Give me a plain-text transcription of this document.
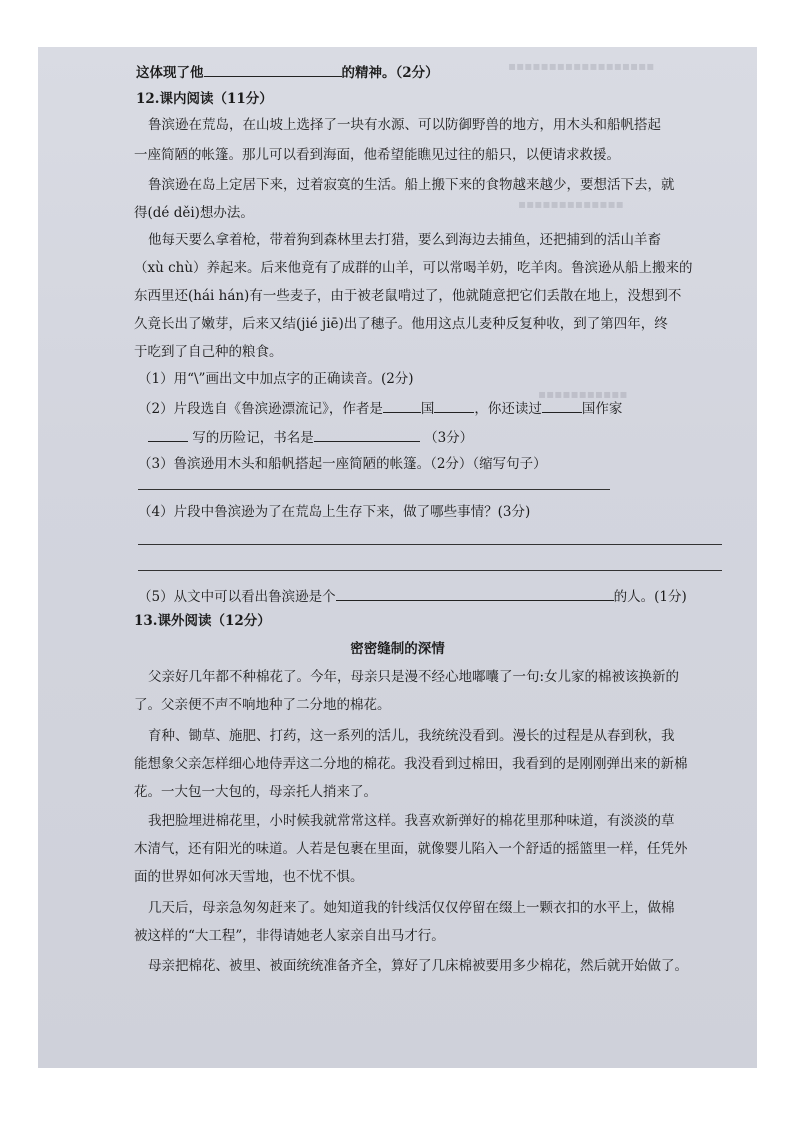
▪▪▪▪▪▪▪▪▪▪▪▪▪▪▪▪▪▪
▪▪▪▪▪▪▪▪▪▪▪▪▪
▪▪▪▪▪▪▪▪▪▪▪
这体现了他	的精神。（2分）
12.课内阅读（11分）
鲁滨逊在荒岛，在山坡上选择了一块有水源、可以防御野兽的地方，用木头和船帆搭起
一座简陋的帐篷。那儿可以看到海面，他希望能瞧见过往的船只，以便请求救援。
鲁滨逊在岛上定居下来，过着寂寞的生活。船上搬下来的食物越来越少，要想活下去，就
得(dé děi)想办法。
他每天要么拿着枪，带着狗到森林里去打猎，要么到海边去捕鱼，还把捕到的活山羊畜
（xù chù）养起来。后来他竟有了成群的山羊，可以常喝羊奶，吃羊肉。鲁滨逊从船上搬来的
东西里还(hái hán)有一些麦子，由于被老鼠啃过了，他就随意把它们丢散在地上，没想到不
久竟长出了嫩芽，后来又结(jié jiē)出了穗子。他用这点儿麦种反复种收，到了第四年，终
于吃到了自己种的粮食。
（1）用“\”画出文中加点字的正确读音。(2分)
（2）片段选自《鲁滨逊漂流记》，作者是	国	，你还读过	国作家
写的历险记，书名是	（3分）
（3）鲁滨逊用木头和船帆搭起一座简陋的帐篷。（2分）（缩写句子）
（4）片段中鲁滨逊为了在荒岛上生存下来，做了哪些事情？(3分)
（5）从文中可以看出鲁滨逊是个	的人。(1分)
13.课外阅读（12分）
密密缝制的深情
父亲好几年都不种棉花了。今年，母亲只是漫不经心地嘟囔了一句:女儿家的棉被该换新的
了。父亲便不声不响地种了二分地的棉花。
育种、锄草、施肥、打药，这一系列的活儿，我统统没看到。漫长的过程是从春到秋，我
能想象父亲怎样细心地侍弄这二分地的棉花。我没看到过棉田，我看到的是刚刚弹出来的新棉
花。一大包一大包的，母亲托人捎来了。
我把脸埋进棉花里，小时候我就常常这样。我喜欢新弹好的棉花里那种味道，有淡淡的草
木清气，还有阳光的味道。人若是包裹在里面，就像婴儿陷入一个舒适的摇篮里一样，任凭外
面的世界如何冰天雪地，也不忧不惧。
几天后，母亲急匆匆赶来了。她知道我的针线活仅仅停留在缀上一颗衣扣的水平上，做棉
被这样的“大工程”，非得请她老人家亲自出马才行。
母亲把棉花、被里、被面统统准备齐全，算好了几床棉被要用多少棉花，然后就开始做了。
